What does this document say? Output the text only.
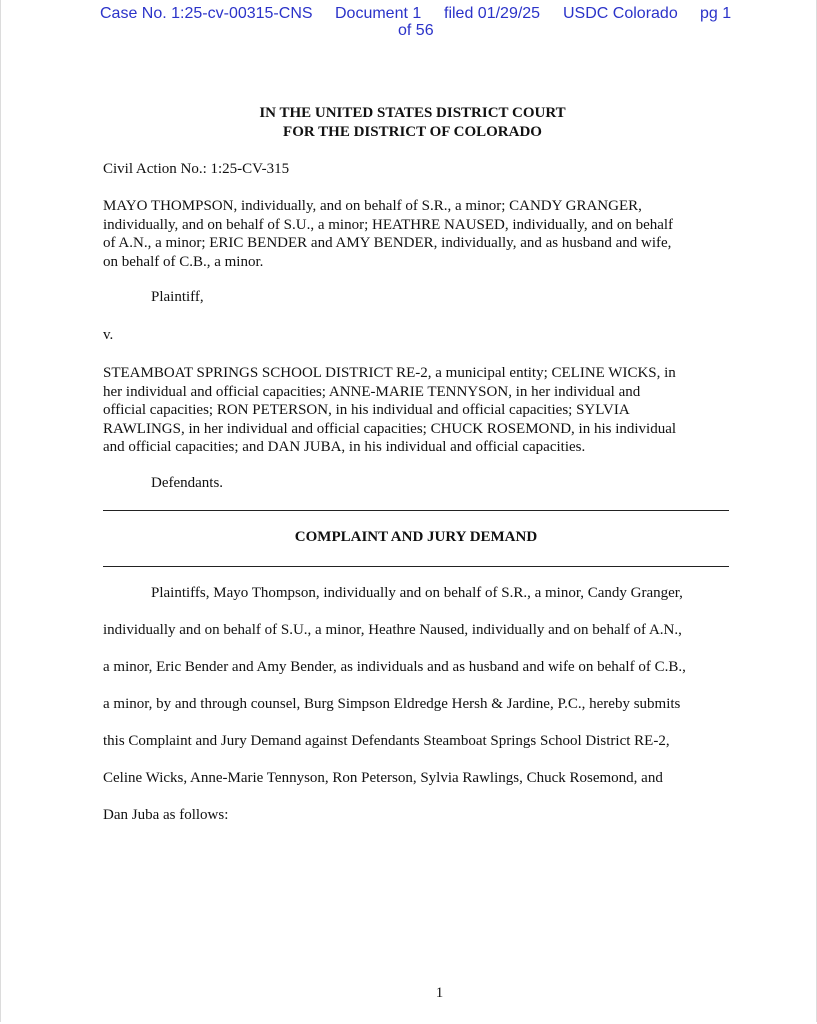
Case No. 1:25-cv-00315-CNS Document 1 filed 01/29/25 USDC Colorado pg 1
of 56
IN THE UNITED STATES DISTRICT COURT
FOR THE DISTRICT OF COLORADO
Civil Action No.: 1:25-CV-315
MAYO THOMPSON, individually, and on behalf of S.R., a minor; CANDY GRANGER,
individually, and on behalf of S.U., a minor; HEATHRE NAUSED, individually, and on behalf
of A.N., a minor; ERIC BENDER and AMY BENDER, individually, and as husband and wife,
on behalf of C.B., a minor.
Plaintiff,
v.
STEAMBOAT SPRINGS SCHOOL DISTRICT RE-2, a municipal entity; CELINE WICKS, in
her individual and official capacities; ANNE-MARIE TENNYSON, in her individual and
official capacities; RON PETERSON, in his individual and official capacities; SYLVIA
RAWLINGS, in her individual and official capacities; CHUCK ROSEMOND, in his individual
and official capacities; and DAN JUBA, in his individual and official capacities.
Defendants.
COMPLAINT AND JURY DEMAND
Plaintiffs, Mayo Thompson, individually and on behalf of S.R., a minor, Candy Granger,
individually and on behalf of S.U., a minor, Heathre Naused, individually and on behalf of A.N.,
a minor, Eric Bender and Amy Bender, as individuals and as husband and wife on behalf of C.B.,
a minor, by and through counsel, Burg Simpson Eldredge Hersh & Jardine, P.C., hereby submits
this Complaint and Jury Demand against Defendants Steamboat Springs School District RE-2,
Celine Wicks, Anne-Marie Tennyson, Ron Peterson, Sylvia Rawlings, Chuck Rosemond, and
Dan Juba as follows:
1
